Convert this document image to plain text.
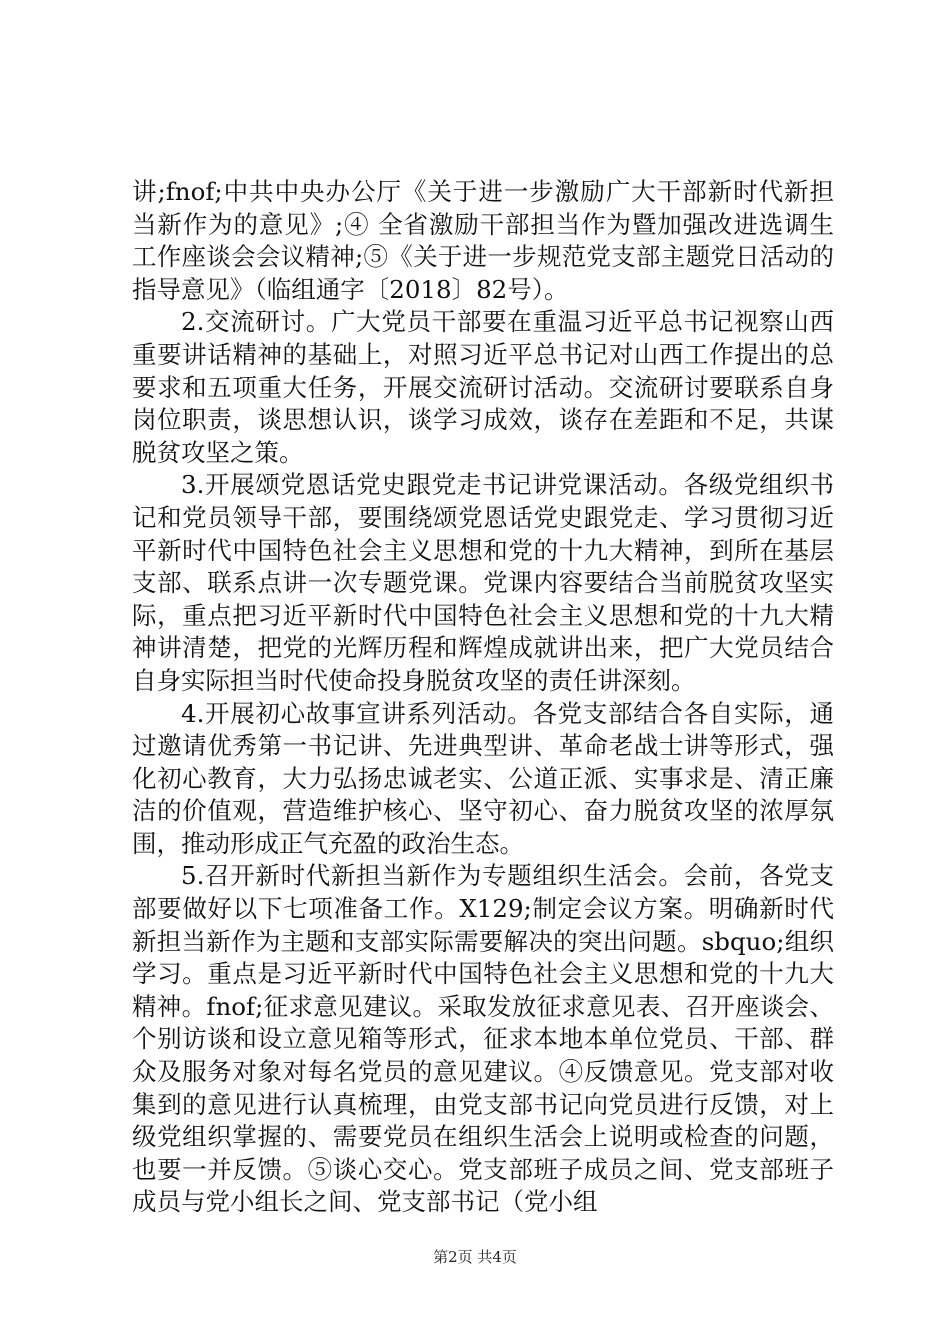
讲;fnof;中共中央办公厅《关于进一步激励广大干部新时代新担当新作为的意见》;④ 全省激励干部担当作为暨加强改进选调生工作座谈会会议精神;⑤《关于进一步规范党支部主题党日活动的指导意见》（临组通字〔2018〕82号）。

2.交流研讨。广大党员干部要在重温习近平总书记视察山西重要讲话精神的基础上，对照习近平总书记对山西工作提出的总要求和五项重大任务，开展交流研讨活动。交流研讨要联系自身岗位职责，谈思想认识，谈学习成效，谈存在差距和不足，共谋脱贫攻坚之策。

3.开展颂党恩话党史跟党走书记讲党课活动。各级党组织书记和党员领导干部，要围绕颂党恩话党史跟党走、学习贯彻习近平新时代中国特色社会主义思想和党的十九大精神，到所在基层支部、联系点讲一次专题党课。党课内容要结合当前脱贫攻坚实际，重点把习近平新时代中国特色社会主义思想和党的十九大精神讲清楚，把党的光辉历程和辉煌成就讲出来，把广大党员结合自身实际担当时代使命投身脱贫攻坚的责任讲深刻。

4.开展初心故事宣讲系列活动。各党支部结合各自实际，通过邀请优秀第一书记讲、先进典型讲、革命老战士讲等形式，强化初心教育，大力弘扬忠诚老实、公道正派、实事求是、清正廉洁的价值观，营造维护核心、坚守初心、奋力脱贫攻坚的浓厚氛围，推动形成正气充盈的政治生态。

5.召开新时代新担当新作为专题组织生活会。会前，各党支部要做好以下七项准备工作。X129;制定会议方案。明确新时代新担当新作为主题和支部实际需要解决的突出问题。sbquo;组织学习。重点是习近平新时代中国特色社会主义思想和党的十九大精神。fnof;征求意见建议。采取发放征求意见表、召开座谈会、个别访谈和设立意见箱等形式，征求本地本单位党员、干部、群众及服务对象对每名党员的意见建议。④反馈意见。党支部对收集到的意见进行认真梳理，由党支部书记向党员进行反馈，对上级党组织掌握的、需要党员在组织生活会上说明或检查的问题，也要一并反馈。⑤谈心交心。党支部班子成员之间、党支部班子成员与党小组长之间、党支部书记（党小组

第2页 共4页
